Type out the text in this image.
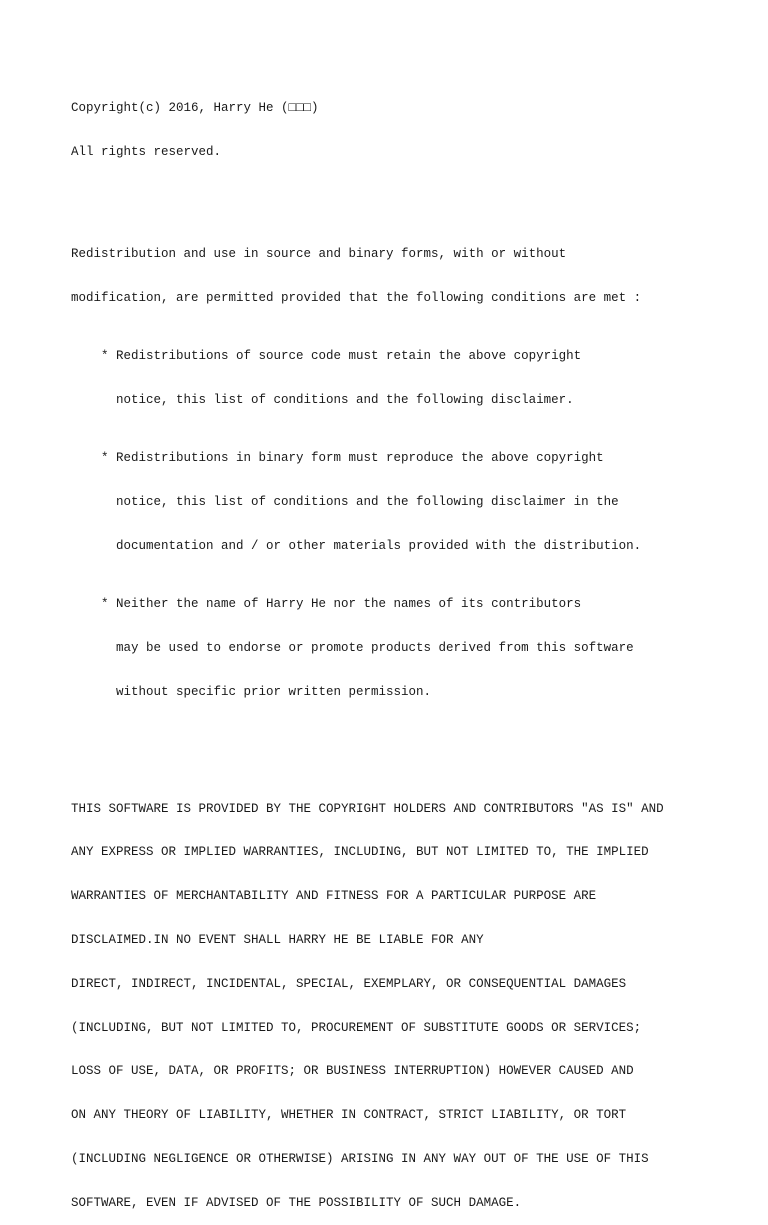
Copyright(c) 2016, Harry He (□□□)

All rights reserved.

Redistribution and use in source and binary forms, with or without

modification, are permitted provided that the following conditions are met :

* Redistributions of source code must retain the above copyright

notice, this list of conditions and the following disclaimer.

* Redistributions in binary form must reproduce the above copyright

notice, this list of conditions and the following disclaimer in the

documentation and / or other materials provided with the distribution.

* Neither the name of Harry He nor the names of its contributors

may be used to endorse or promote products derived from this software

without specific prior written permission.

THIS SOFTWARE IS PROVIDED BY THE COPYRIGHT HOLDERS AND CONTRIBUTORS "AS IS" AND

ANY EXPRESS OR IMPLIED WARRANTIES, INCLUDING, BUT NOT LIMITED TO, THE IMPLIED

WARRANTIES OF MERCHANTABILITY AND FITNESS FOR A PARTICULAR PURPOSE ARE

DISCLAIMED.IN NO EVENT SHALL HARRY HE BE LIABLE FOR ANY

DIRECT, INDIRECT, INCIDENTAL, SPECIAL, EXEMPLARY, OR CONSEQUENTIAL DAMAGES

(INCLUDING, BUT NOT LIMITED TO, PROCUREMENT OF SUBSTITUTE GOODS OR SERVICES;

LOSS OF USE, DATA, OR PROFITS; OR BUSINESS INTERRUPTION) HOWEVER CAUSED AND

ON ANY THEORY OF LIABILITY, WHETHER IN CONTRACT, STRICT LIABILITY, OR TORT

(INCLUDING NEGLIGENCE OR OTHERWISE) ARISING IN ANY WAY OUT OF THE USE OF THIS

SOFTWARE, EVEN IF ADVISED OF THE POSSIBILITY OF SUCH DAMAGE.
